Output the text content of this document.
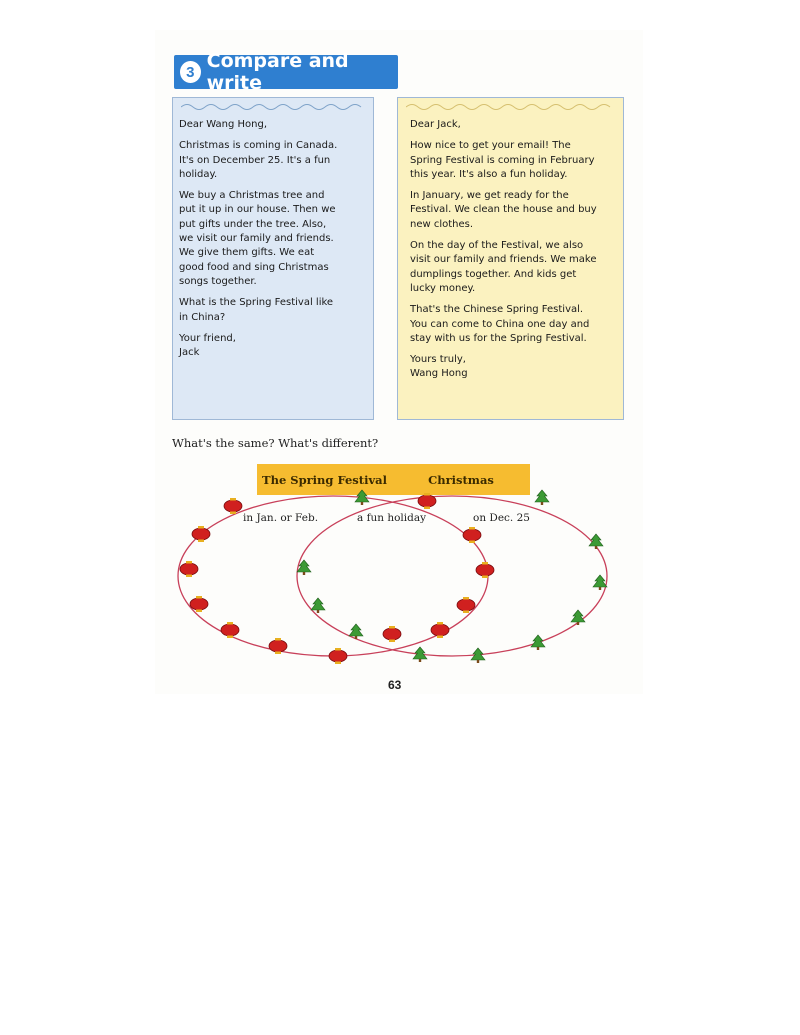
3 Compare and write

Dear Wang Hong,

Christmas is coming in Canada.
It's on December 25. It's a fun
holiday.

We buy a Christmas tree and
put it up in our house. Then we
put gifts under the tree. Also,
we visit our family and friends.
We give them gifts. We eat
good food and sing Christmas
songs together.

What is the Spring Festival like
in China?

Your friend,
Jack

Dear Jack,

How nice to get your email! The
Spring Festival is coming in February
this year. It's also a fun holiday.

In January, we get ready for the
Festival. We clean the house and buy
new clothes.

On the day of the Festival, we also
visit our family and friends. We make
dumplings together. And kids get
lucky money.

That's the Chinese Spring Festival.
You can come to China one day and
stay with us for the Spring Festival.

Yours truly,
Wang Hong

What's the same? What's different?
The Spring Festival	Christmas
in Jan. or Feb.	a fun holiday	on Dec. 25
63
